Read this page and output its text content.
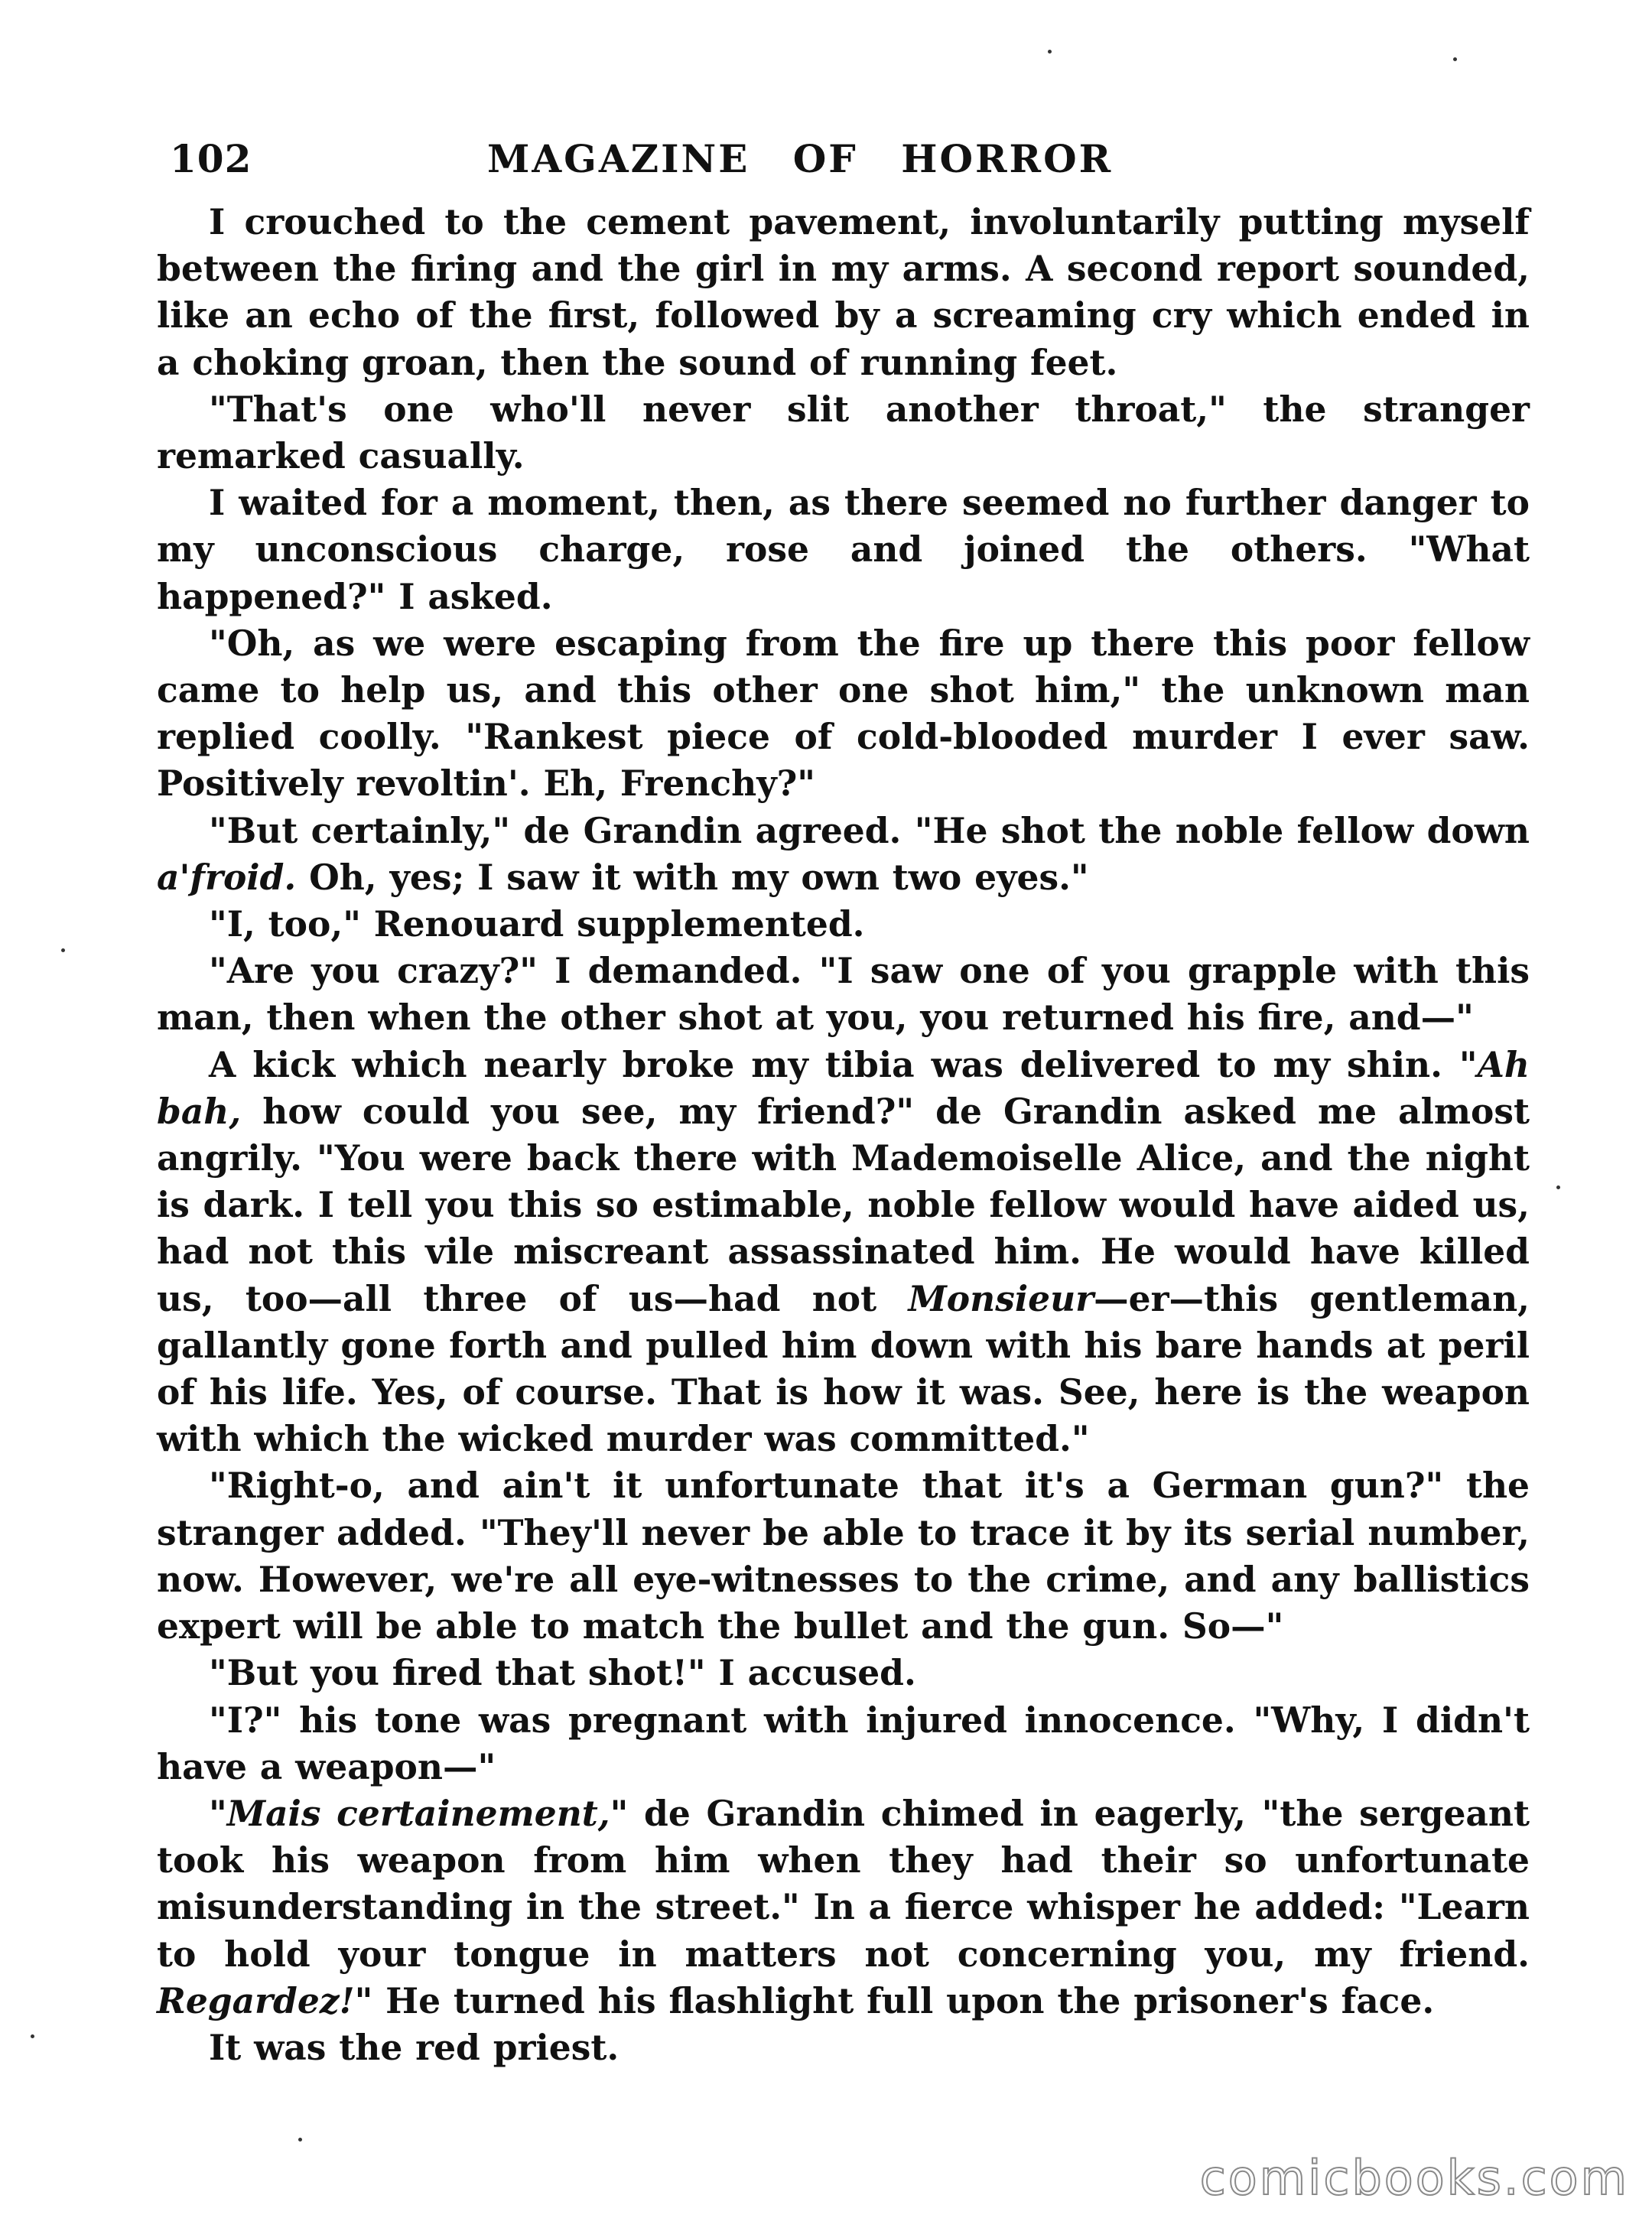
102	MAGAZINE OF HORROR

I crouched to the cement pavement, involuntarily putting myself between the firing and the girl in my arms. A second report sounded, like an echo of the first, followed by a screaming cry which ended in a choking groan, then the sound of running feet.

"That's one who'll never slit another throat," the stranger remarked casually.

I waited for a moment, then, as there seemed no further danger to my unconscious charge, rose and joined the others. "What happened?" I asked.

"Oh, as we were escaping from the fire up there this poor fellow came to help us, and this other one shot him," the unknown man replied coolly. "Rankest piece of cold-blooded murder I ever saw. Positively revoltin'. Eh, Frenchy?"

"But certainly," de Grandin agreed. "He shot the noble fellow down a'froid. Oh, yes; I saw it with my own two eyes."

"I, too," Renouard supplemented.

"Are you crazy?" I demanded. "I saw one of you grapple with this man, then when the other shot at you, you returned his fire, and—"

A kick which nearly broke my tibia was delivered to my shin. "Ah bah, how could you see, my friend?" de Grandin asked me almost angrily. "You were back there with Mademoiselle Alice, and the night is dark. I tell you this so estimable, noble fellow would have aided us, had not this vile miscreant assassinated him. He would have killed us, too—all three of us—had not Monsieur—er—this gentleman, gallantly gone forth and pulled him down with his bare hands at peril of his life. Yes, of course. That is how it was. See, here is the weapon with which the wicked murder was committed."

"Right-o, and ain't it unfortunate that it's a German gun?" the stranger added. "They'll never be able to trace it by its serial number, now. However, we're all eye-witnesses to the crime, and any ballistics expert will be able to match the bullet and the gun. So—"

"But you fired that shot!" I accused.

"I?" his tone was pregnant with injured innocence. "Why, I didn't have a weapon—"

"Mais certainement," de Grandin chimed in eagerly, "the sergeant took his weapon from him when they had their so unfortunate misunderstanding in the street." In a fierce whisper he added: "Learn to hold your tongue in matters not concerning you, my friend. Regardez!" He turned his flashlight full upon the prisoner's face.

It was the red priest.

comicbooks.com
